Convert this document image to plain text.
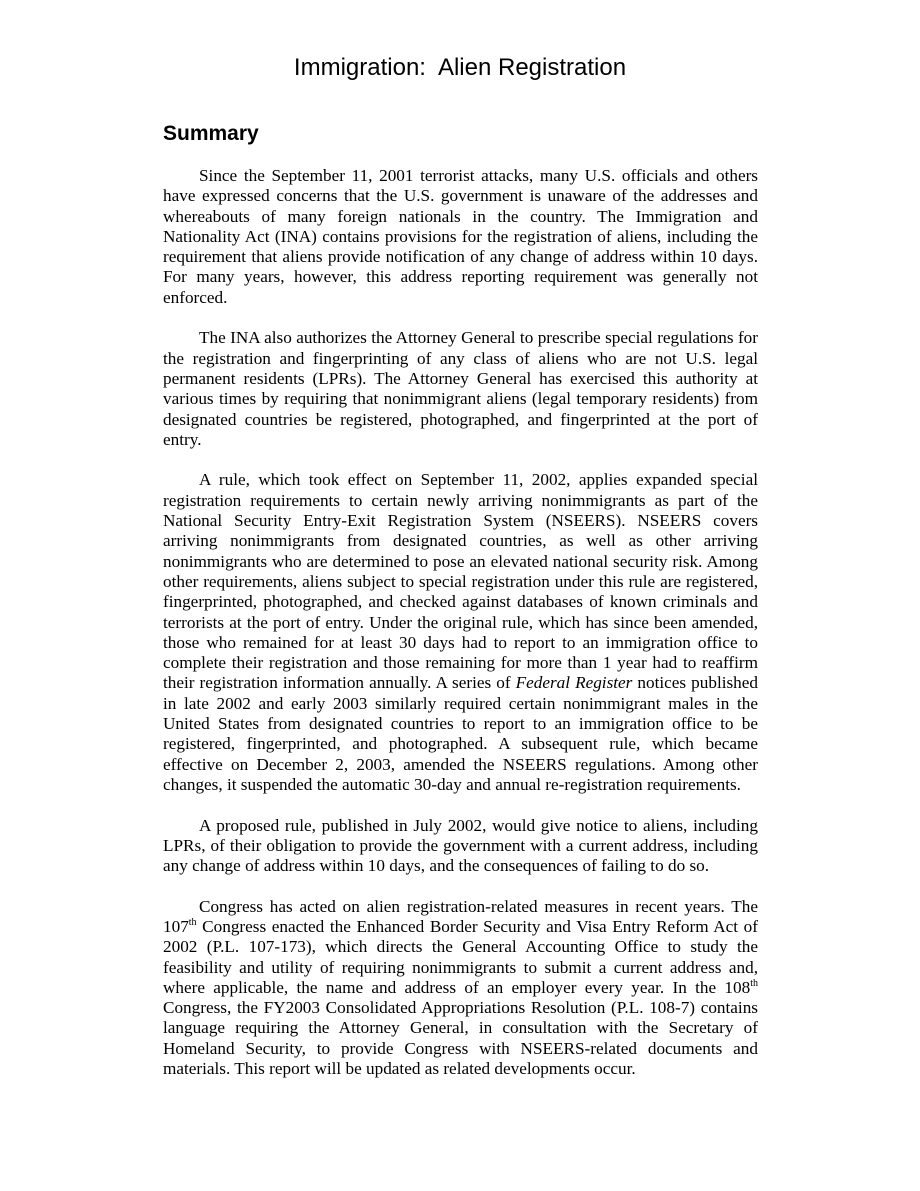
Immigration:  Alien Registration
Summary

Since the September 11, 2001 terrorist attacks, many U.S. officials and others have expressed concerns that the U.S. government is unaware of the addresses and whereabouts of many foreign nationals in the country. The Immigration and Nationality Act (INA) contains provisions for the registration of aliens, including the requirement that aliens provide notification of any change of address within 10 days. For many years, however, this address reporting requirement was generally not enforced.

The INA also authorizes the Attorney General to prescribe special regulations for the registration and fingerprinting of any class of aliens who are not U.S. legal permanent residents (LPRs). The Attorney General has exercised this authority at various times by requiring that nonimmigrant aliens (legal temporary residents) from designated countries be registered, photographed, and fingerprinted at the port of entry.

A rule, which took effect on September 11, 2002, applies expanded special registration requirements to certain newly arriving nonimmigrants as part of the National Security Entry-Exit Registration System (NSEERS). NSEERS covers arriving nonimmigrants from designated countries, as well as other arriving nonimmigrants who are determined to pose an elevated national security risk. Among other requirements, aliens subject to special registration under this rule are registered, fingerprinted, photographed, and checked against databases of known criminals and terrorists at the port of entry. Under the original rule, which has since been amended, those who remained for at least 30 days had to report to an immigration office to complete their registration and those remaining for more than 1 year had to reaffirm their registration information annually. A series of Federal Register notices published in late 2002 and early 2003 similarly required certain nonimmigrant males in the United States from designated countries to report to an immigration office to be registered, fingerprinted, and photographed. A subsequent rule, which became effective on December 2, 2003, amended the NSEERS regulations. Among other changes, it suspended the automatic 30-day and annual re-registration requirements.

A proposed rule, published in July 2002, would give notice to aliens, including LPRs, of their obligation to provide the government with a current address, including any change of address within 10 days, and the consequences of failing to do so.

Congress has acted on alien registration-related measures in recent years. The 107th Congress enacted the Enhanced Border Security and Visa Entry Reform Act of 2002 (P.L. 107-173), which directs the General Accounting Office to study the feasibility and utility of requiring nonimmigrants to submit a current address and, where applicable, the name and address of an employer every year. In the 108th Congress, the FY2003 Consolidated Appropriations Resolution (P.L. 108-7) contains language requiring the Attorney General, in consultation with the Secretary of Homeland Security, to provide Congress with NSEERS-related documents and materials. This report will be updated as related developments occur.
